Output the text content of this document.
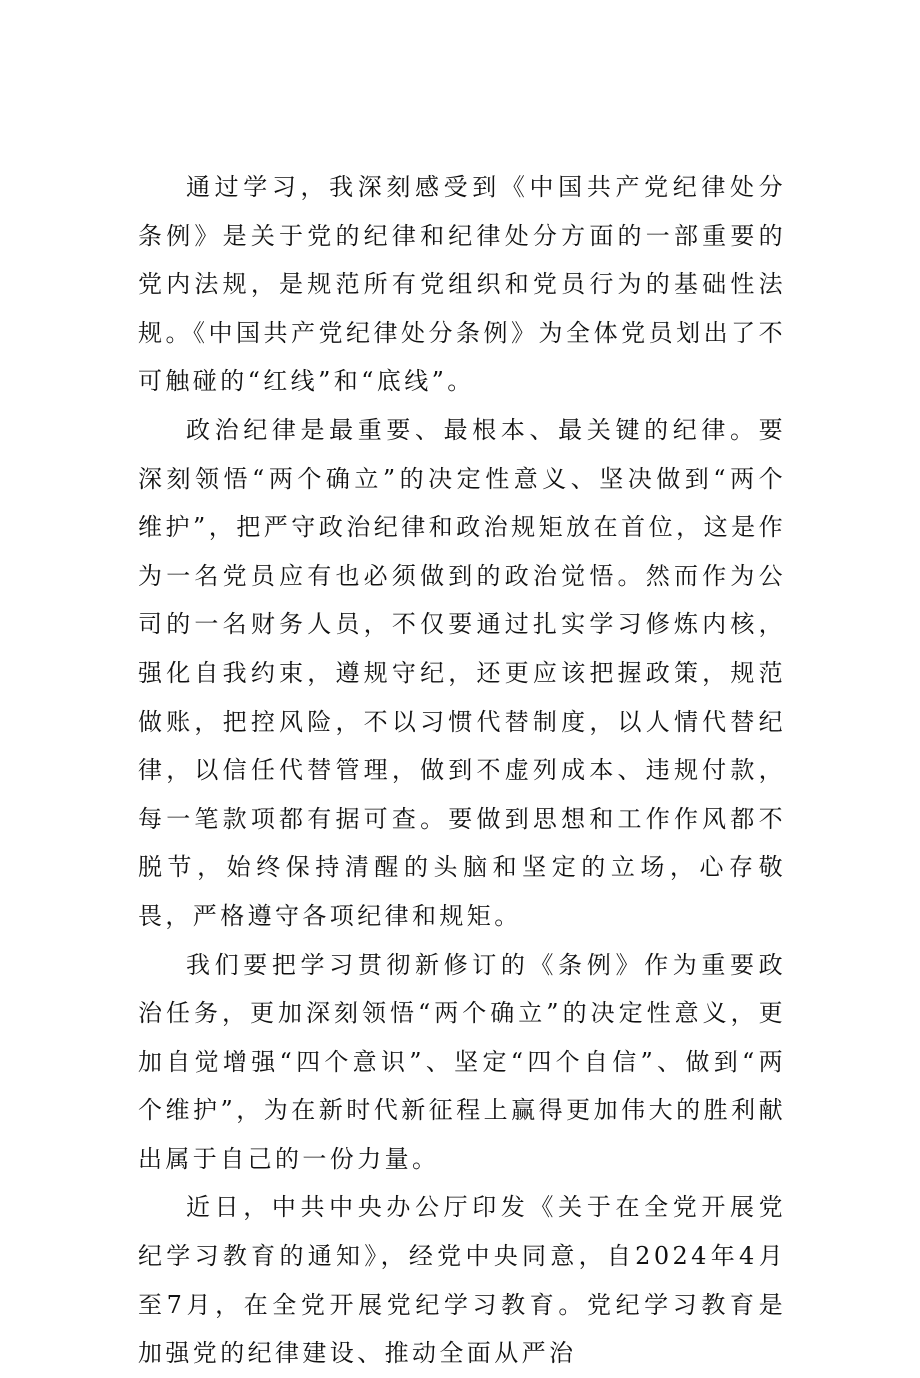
通过学习，我深刻感受到《中国共产党纪律处分条例》是关于党的纪律和纪律处分方面的一部重要的党内法规，是规范所有党组织和党员行为的基础性法规。《中国共产党纪律处分条例》为全体党员划出了不可触碰的“红线”和“底线”。

政治纪律是最重要、最根本、最关键的纪律。要深刻领悟“两个确立”的决定性意义、坚决做到“两个维护”，把严守政治纪律和政治规矩放在首位，这是作为一名党员应有也必须做到的政治觉悟。然而作为公司的一名财务人员，不仅要通过扎实学习修炼内核，强化自我约束，遵规守纪，还更应该把握政策，规范做账，把控风险，不以习惯代替制度，以人情代替纪律，以信任代替管理，做到不虚列成本、违规付款，每一笔款项都有据可查。要做到思想和工作作风都不脱节，始终保持清醒的头脑和坚定的立场，心存敬畏，严格遵守各项纪律和规矩。

我们要把学习贯彻新修订的《条例》作为重要政治任务，更加深刻领悟“两个确立”的决定性意义，更加自觉增强“四个意识”、坚定“四个自信”、做到“两个维护”，为在新时代新征程上赢得更加伟大的胜利献出属于自己的一份力量。

近日，中共中央办公厅印发《关于在全党开展党纪学习教育的通知》，经党中央同意，自2024年4月至7月，在全党开展党纪学习教育。党纪学习教育是加强党的纪律建设、推动全面从严治
